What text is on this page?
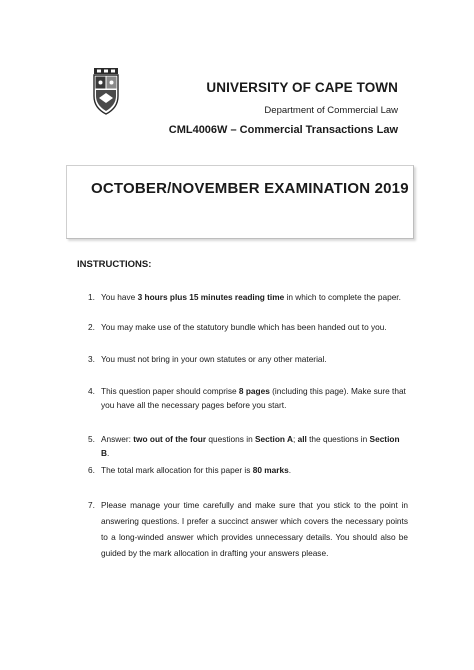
UNIVERSITY OF CAPE TOWN
Department of Commercial Law
CML4006W – Commercial Transactions Law
OCTOBER/NOVEMBER EXAMINATION 2019
INSTRUCTIONS:
1. You have 3 hours plus 15 minutes reading time in which to complete the paper.
2. You may make use of the statutory bundle which has been handed out to you.
3. You must not bring in your own statutes or any other material.
4. This question paper should comprise 8 pages (including this page). Make sure that you have all the necessary pages before you start.
5. Answer: two out of the four questions in Section A; all the questions in Section B.
6. The total mark allocation for this paper is 80 marks.
7. Please manage your time carefully and make sure that you stick to the point in answering questions. I prefer a succinct answer which covers the necessary points to a long-winded answer which provides unnecessary details. You should also be guided by the mark allocation in drafting your answers please.
